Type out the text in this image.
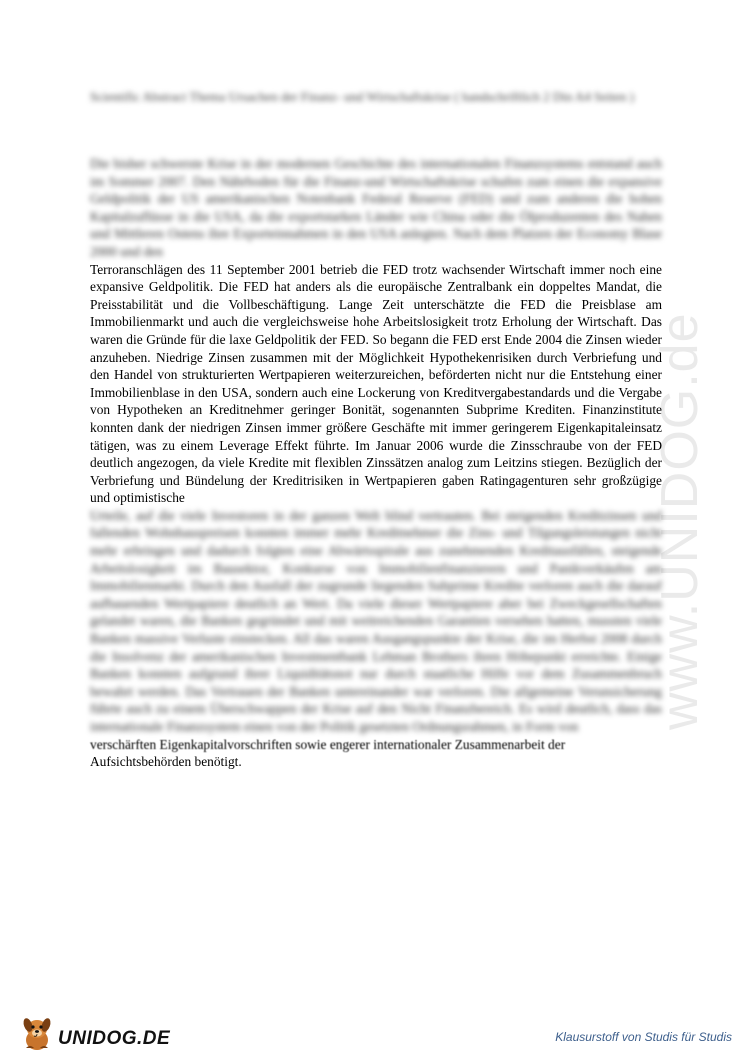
www.UNIDOG.de
Scientific Abstract Thema Ursachen der Finanz- und Wirtschaftskrise ( handschriftlich 2 Din A4 Seiten )

Die bisher schwerste Krise in der modernen Geschichte des internationalen Finanzsystems entstand auch im Sommer 2007. Den Nährboden für die Finanz-und Wirtschaftskrise schufen zum einen die expansive Geldpolitik der US amerikanischen Notenbank Federal Reserve (FED) und zum anderen die hohen Kapitalzuflüsse in die USA, da die exportstarken Länder wie China oder die Ölproduzenten des Nahen und Mittleren Ostens ihre Exporteinnahmen in den USA anlegten. Nach dem Platzen der Economy Blase 2000 und den

Terroranschlägen des 11 September 2001 betrieb die FED trotz wachsender Wirtschaft immer noch eine expansive Geldpolitik. Die FED hat anders als die europäische Zentralbank ein doppeltes Mandat, die Preisstabilität und die Vollbeschäftigung. Lange Zeit unterschätzte die FED die Preisblase am Immobilienmarkt und auch die vergleichsweise hohe Arbeitslosigkeit trotz Erholung der Wirtschaft. Das waren die Gründe für die laxe Geldpolitik der FED. So begann die FED erst Ende 2004 die Zinsen wieder anzuheben. Niedrige Zinsen zusammen mit der Möglichkeit Hypothekenrisiken durch Verbriefung und den Handel von strukturierten Wertpapieren weiterzureichen, beförderten nicht nur die Entstehung einer Immobilienblase in den USA, sondern auch eine Lockerung von Kreditvergabestandards und die Vergabe von Hypotheken an Kreditnehmer geringer Bonität, sogenannten Subprime Krediten. Finanzinstitute konnten dank der niedrigen Zinsen immer größere Geschäfte mit immer geringerem Eigenkapitaleinsatz tätigen, was zu einem Leverage Effekt führte. Im Januar 2006 wurde die Zinsschraube von der FED deutlich angezogen, da viele Kredite mit flexiblen Zinssätzen analog zum Leitzins stiegen. Bezüglich der Verbriefung und Bündelung der Kreditrisiken in Wertpapieren gaben Ratingagenturen sehr großzügige und optimistische

Urteile, auf die viele Investoren in der ganzen Welt blind vertrauten. Bei steigenden Kreditzinsen und fallenden Wohnhauspreisen konnten immer mehr Kreditnehmer die Zins- und Tilgungsleistungen nicht mehr erbringen und dadurch folgten eine Abwärtsspirale aus zunehmenden Kreditausfällen, steigende Arbeitslosigkeit im Bausektor, Konkurse von Immobilienfinanzierern und Panikverkäufen am Immobilienmarkt. Durch den Ausfall der zugrunde liegenden Subprime Kredite verloren auch die darauf aufbauenden Wertpapiere deutlich an Wert. Da viele dieser Wertpapiere aber bei Zweckgesellschaften gelandet waren, die Banken gegründet und mit weitreichenden Garantien versehen hatten, mussten viele Banken massive Verluste einstecken. All das waren Ausgangspunkte der Krise, die im Herbst 2008 durch die Insolvenz der amerikanischen Investmentbank Lehman Brothers ihren Höhepunkt erreichte. Einige Banken konnten aufgrund ihrer Liquiditätsnot nur durch staatliche Hilfe vor dem Zusammenbruch bewahrt werden. Das Vertrauen der Banken untereinander war verloren. Die allgemeine Verunsicherung führte auch zu einem Überschwappen der Krise auf den Nicht Finanzbereich. Es wird deutlich, dass das internationale Finanzsystem einen von der Politik gesetzten Ordnungsrahmen, in Form von

verschärften Eigenkapitalvorschriften sowie engerer internationaler Zusammenarbeit der

Aufsichtsbehörden benötigt.

UNIDOG.DE	Klausurstoff von Studis für Studis
